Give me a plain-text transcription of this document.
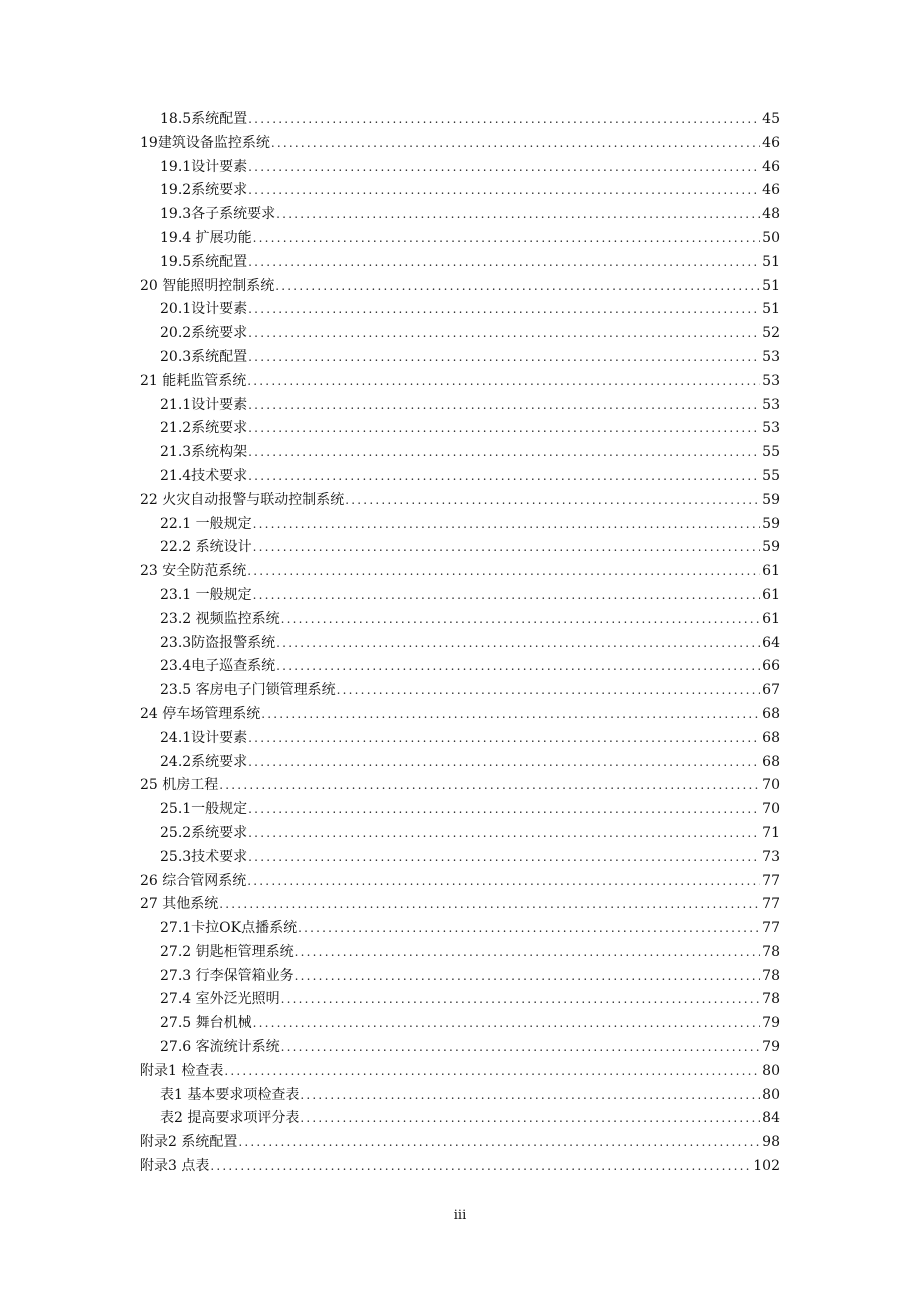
18.5系统配置 .....	45
19建筑设备监控系统 .....	46
19.1设计要素 .....	46
19.2系统要求 .....	46
19.3各子系统要求 .....	48
19.4 扩展功能 .....	50
19.5系统配置 .....	51
20 智能照明控制系统 .....	51
20.1设计要素 .....	51
20.2系统要求 .....	52
20.3系统配置 .....	53
21 能耗监管系统 .....	53
21.1设计要素 .....	53
21.2系统要求 .....	53
21.3系统构架 .....	55
21.4技术要求 .....	55
22 火灾自动报警与联动控制系统 .....	59
22.1 一般规定 .....	59
22.2 系统设计 .....	59
23 安全防范系统 .....	61
23.1 一般规定 .....	61
23.2 视频监控系统 .....	61
23.3防盗报警系统 .....	64
23.4电子巡查系统 .....	66
23.5 客房电子门锁管理系统 .....	67
24 停车场管理系统 .....	68
24.1设计要素 .....	68
24.2系统要求 .....	68
25 机房工程 .....	70
25.1一般规定 .....	70
25.2系统要求 .....	71
25.3技术要求 .....	73
26 综合管网系统 .....	77
27 其他系统 .....	77
27.1卡拉OK点播系统 .....	77
27.2 钥匙柜管理系统 .....	78
27.3 行李保管箱业务 .....	78
27.4 室外泛光照明 .....	78
27.5 舞台机械 .....	79
27.6 客流统计系统 .....	79
附录1 检查表 .....	80
表1 基本要求项检查表 .....	80
表2 提高要求项评分表 .....	84
附录2 系统配置 .....	98
附录3 点表 .....	102
iii
